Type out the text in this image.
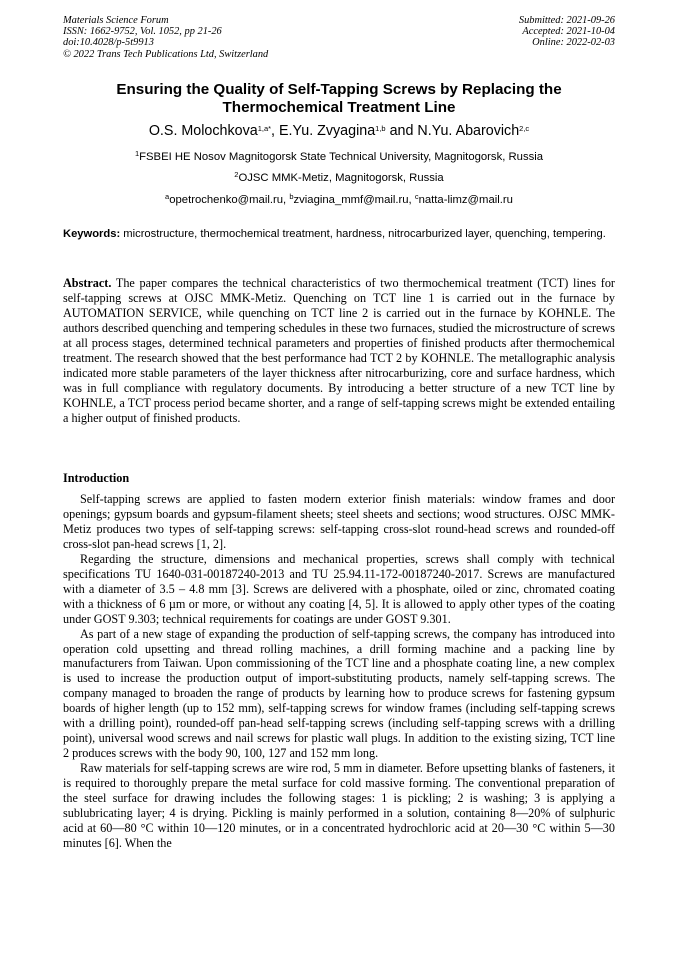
Materials Science Forum
ISSN: 1662-9752, Vol. 1052, pp 21-26
doi:10.4028/p-5t9913
© 2022 Trans Tech Publications Ltd, Switzerland
Submitted: 2021-09-26
Accepted: 2021-10-04
Online: 2022-02-03
Ensuring the Quality of Self-Tapping Screws by Replacing the
Thermochemical Treatment Line
O.S. Molochkova$^{1,a*}$, E.Yu. Zvyagina$^{1,b}$ and N.Yu. Abarovich$^{2,c}$
$^1$FSBEI HE Nosov Magnitogorsk State Technical University, Magnitogorsk, Russia
$^2$OJSC MMK-Metiz, Magnitogorsk, Russia
$^a$opetrochenko@mail.ru, $^b$zviagina_mmf@mail.ru, $^c$natta-limz@mail.ru
Keywords: microstructure, thermochemical treatment, hardness, nitrocarburized layer, quenching, tempering.

Abstract. The paper compares the technical characteristics of two thermochemical treatment (TCT) lines for self-tapping screws at OJSC MMK-Metiz. Quenching on TCT line 1 is carried out in the furnace by AUTOMATION SERVICE, while quenching on TCT line 2 is carried out in the furnace by KOHNLE. The authors described quenching and tempering schedules in these two furnaces, studied the microstructure of screws at all process stages, determined technical parameters and properties of finished products after thermochemical treatment. The research showed that the best performance had TCT 2 by KOHNLE. The metallographic analysis indicated more stable parameters of the layer thickness after nitrocarburizing, core and surface hardness, which was in full compliance with regulatory documents. By introducing a better structure of a new TCT line by KOHNLE, a TCT process period became shorter, and a range of self-tapping screws might be extended entailing a higher output of finished products.

Introduction

Self-tapping screws are applied to fasten modern exterior finish materials: window frames and door openings; gypsum boards and gypsum-filament sheets; steel sheets and sections; wood structures. OJSC MMK-Metiz produces two types of self-tapping screws: self-tapping cross-slot round-head screws and rounded-off cross-slot pan-head screws [1, 2].

Regarding the structure, dimensions and mechanical properties, screws shall comply with technical specifications TU 1640-031-00187240-2013 and TU 25.94.11-172-00187240-2017. Screws are manufactured with a diameter of 3.5 – 4.8 mm [3]. Screws are delivered with a phosphate, oiled or zinc, chromated coating with a thickness of 6 µm or more, or without any coating [4, 5]. It is allowed to apply other types of the coating under GOST 9.303; technical requirements for coatings are under GOST 9.301.

As part of a new stage of expanding the production of self-tapping screws, the company has introduced into operation cold upsetting and thread rolling machines, a drill forming machine and a packing line by manufacturers from Taiwan. Upon commissioning of the TCT line and a phosphate coating line, a new complex is used to increase the production output of import-substituting products, namely self-tapping screws. The company managed to broaden the range of products by learning how to produce screws for fastening gypsum boards of higher length (up to 152 mm), self-tapping screws for window frames (including self-tapping screws with a drilling point), rounded-off pan-head self-tapping screws (including self-tapping screws with a drilling point), universal wood screws and nail screws for plastic wall plugs. In addition to the existing sizing, TCT line 2 produces screws with the body 90, 100, 127 and 152 mm long.

Raw materials for self-tapping screws are wire rod, 5 mm in diameter. Before upsetting blanks of fasteners, it is required to thoroughly prepare the metal surface for cold massive forming. The conventional preparation of the steel surface for drawing includes the following stages: 1 is pickling; 2 is washing; 3 is applying a sublubricating layer; 4 is drying. Pickling is mainly performed in a solution, containing 8—20% of sulphuric acid at 60—80 °C within 10—120 minutes, or in a concentrated hydrochloric acid at 20—30 °C within 5—30 minutes [6]. When the
